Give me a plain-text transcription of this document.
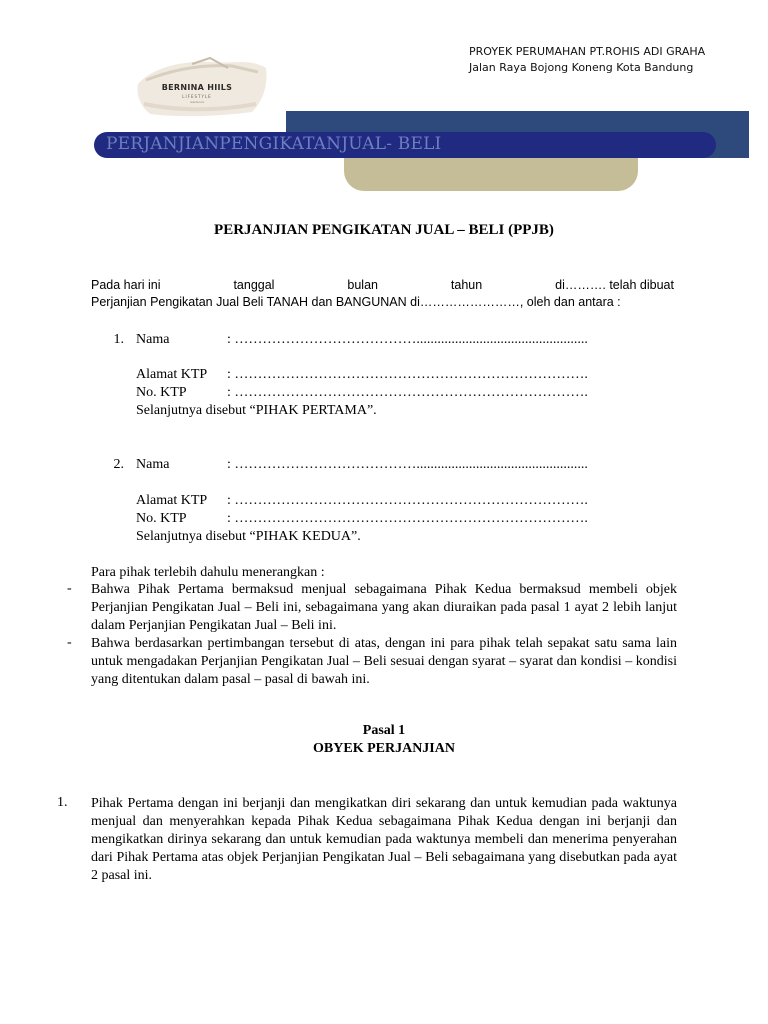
BERNINA HIILS
LIFESTYLE
residence
PROYEK PERUMAHAN PT.ROHIS ADI GRAHA
Jalan Raya Bojong Koneng Kota Bandung
PERJANJIANPENGIKATANJUAL- BELI
PERJANJIAN PENGIKATAN JUAL – BELI (PPJB)
Pada hari ini	tanggal	bulan	tahun	di………. telah dibuat
Perjanjian Pengikatan Jual Beli TANAH dan BANGUNAN di……………………, oleh dan antara :
1. Nama	: ………………………………….................................................
Alamat KTP : ………………………………………………………………….
No. KTP	: ………………………………………………………………….
Selanjutnya disebut “PIHAK PERTAMA”.
2. Nama	: ………………………………….................................................
Alamat KTP : ………………………………………………………………….
No. KTP	: ………………………………………………………………….
Selanjutnya disebut “PIHAK KEDUA”.
Para pihak terlebih dahulu menerangkan :
- Bahwa Pihak Pertama bermaksud menjual sebagaimana Pihak Kedua bermaksud membeli objek Perjanjian Pengikatan Jual – Beli ini, sebagaimana yang akan diuraikan pada pasal 1 ayat 2 lebih lanjut dalam Perjanjian Pengikatan Jual – Beli ini.
- Bahwa berdasarkan pertimbangan tersebut di atas, dengan ini para pihak telah sepakat satu sama lain untuk mengadakan Perjanjian Pengikatan Jual – Beli sesuai dengan syarat – syarat dan kondisi – kondisi yang ditentukan dalam pasal – pasal di bawah ini.
Pasal 1
OBYEK PERJANJIAN
1. Pihak Pertama dengan ini berjanji dan mengikatkan diri sekarang dan untuk kemudian pada waktunya menjual dan menyerahkan kepada Pihak Kedua sebagaimana Pihak Kedua dengan ini berjanji dan mengikatkan dirinya sekarang dan untuk kemudian pada waktunya membeli dan menerima penyerahan dari Pihak Pertama atas objek Perjanjian Pengikatan Jual – Beli sebagaimana yang disebutkan pada ayat 2 pasal ini.
